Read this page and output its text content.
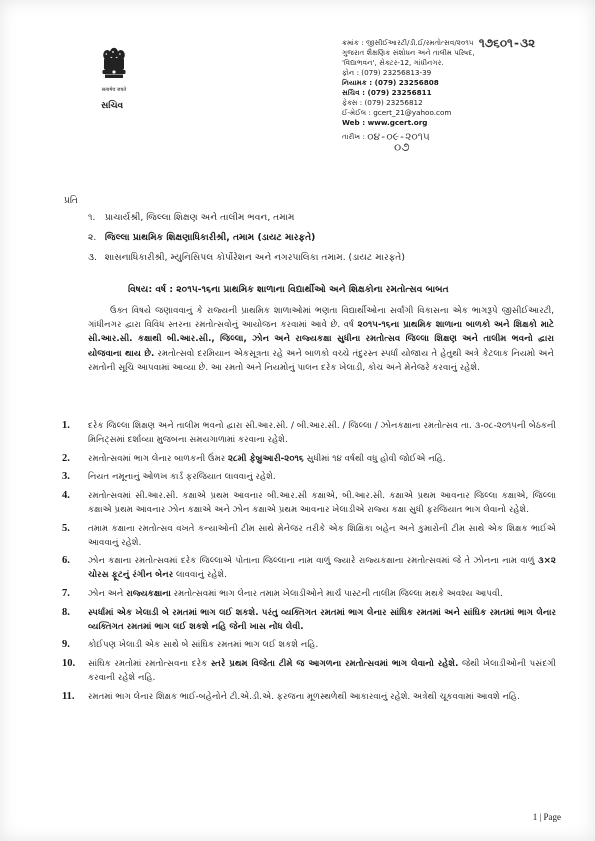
सत्यमेव जयते
સચિવ
ક્રમાંક : જીસીઈઆરટી/ડી.ઈ/રમતોત્સવ/૨૦૧૫ ૧૭૬૦૧-૩૨
ગુજરાત શૈક્ષણિક સંશોધન અને તાલીમ પરિષદ,
'વિદ્યાભવન', સેક્ટર-12, ગાંધીનગર.
ફોન : (079) 23256813-39
નિયામક : (079) 23256808
સચિવ : (079) 23256811
ફેક્સ : (079) 23256812
ઈ-મેઈલ : gcert_21@yahoo.com
Web : www.gcert.org
તારીખ : ૦૪-૦૯-૨૦૧૫
૦૭
પ્રતિ
૧. પ્રાચાર્યશ્રી, જિલ્લા શિક્ષણ અને તાલીમ ભવન, તમામ
૨. જિલ્લા પ્રાથમિક શિક્ષણાધિકારીશ્રી, તમામ (ડાયટ મારફતે)
૩. શાસનાધિકારીશ્રી, મ્યુનિસિપલ કોર્પોરેશન અને નગરપાલિકા તમામ. (ડાયટ મારફતે)
વિષય: વર્ષ : ૨૦૧૫-૧૬ના પ્રાથમિક શાળાના વિદ્યાર્થીઓ અને શિક્ષકોના રમતોત્સવ બાબત
ઉક્ત વિષયે જણાવવાનું કે રાજ્યની પ્રાથમિક શાળાઓમાં ભણતા વિદ્યાર્થીઓના સર્વાંગી વિકાસના એક ભાગરૂપે જીસીઈઆરટી, ગાંધીનગર દ્વારા વિવિધ સ્તરના રમતોત્સવોનું આયોજન કરવામાં આવે છે. વર્ષ ૨૦૧૫-૧૬ના પ્રાથમિક શાળાના બાળકો અને શિક્ષકો માટે સી.આર.સી. કક્ષાથી બી.આર.સી., જિલ્લા, ઝોન અને રાજ્યકક્ષા સુધીના રમતોત્સવ જિલ્લા શિક્ષણ અને તાલીમ ભવનો દ્વારા યોજવાના થાય છે. રમતોત્સવો દરમિયાન એકસૂત્રતા રહે અને બાળકો વચ્ચે તંદુરસ્ત સ્પર્ધા યોજાય તે હેતુથી અત્રે કેટલાક નિયમો અને રમતોની સૂચિ આપવામાં આવ્યા છે. આ રમતો અને નિયમોનું પાલન દરેક ખેલાડી, કોચ અને મેનેજરે કરવાનું રહેશે.
1. દરેક જિલ્લા શિક્ષણ અને તાલીમ ભવનો દ્વારા સી.આર.સી. / બી.આર.સી. / જિલ્લા / ઝોનકક્ષાના રમતોત્સવ તા. ૩-૦૮-૨૦૧૫ની બેઠકની મિનિટ્સમાં દર્શાવ્યા મુજબના સમયગાળામાં કરવાના રહેશે.
2. રમતોત્સવમાં ભાગ લેનાર બાળકની ઉંમર ૨૮મી ફેબ્રુઆરી-૨૦૧૬ સુધીમાં ૧૪ વર્ષથી વધુ હોવી જોઈએ નહિ.
3. નિયત નમૂનાનું ઓળખ કાર્ડ ફરજિયાત લાવવાનું રહેશે.
4. રમતોત્સવમાં સી.આર.સી. કક્ષાએ પ્રથમ આવનાર બી.આર.સી કક્ષાએ, બી.આર.સી. કક્ષાએ પ્રથમ આવનાર જિલ્લા કક્ષાએ, જિલ્લા કક્ષાએ પ્રથમ આવનાર ઝોન કક્ષાએ અને ઝોન કક્ષાએ પ્રથમ આવનાર ખેલાડીએ રાજ્ય કક્ષા સુધી ફરજિયાત ભાગ લેવાનો રહેશે.
5. તમામ કક્ષાના રમતોત્સવ વખતે કન્યાઓની ટીમ સાથે મેનેજર તરીકે એક શિક્ષિકા બહેન અને કુમારોની ટીમ સાથે એક શિક્ષક ભાઈએ આવવાનું રહેશે.
6. ઝોન કક્ષાના રમતોત્સવમાં દરેક જિલ્લાએ પોતાના જિલ્લાના નામ વાળું જ્યારે રાજ્યકક્ષાના રમતોત્સવમાં જે તે ઝોનના નામ વાળું ૩×૨ ચોરસ ફૂટનું રંગીન બેનર લાવવાનું રહેશે.
7. ઝોન અને રાજ્યકક્ષાના રમતોત્સવમાં ભાગ લેનાર તમામ ખેલાડીઓને માર્ચ પાસ્ટની તાલીમ જિલ્લા મથકે અવશ્ય આપવી.
8. સ્પર્ધામાં એક ખેલાડી બે રમતમાં ભાગ લઈ શકશે. પરંતુ વ્યક્તિગત રમતમાં ભાગ લેનાર સાંઘિક રમતમાં અને સાંઘિક રમતમાં ભાગ લેનાર વ્યક્તિગત રમતમાં ભાગ લઈ શકશે નહિ જેની ખાસ નોંધ લેવી.
9. કોઈપણ ખેલાડી એક સાથે બે સાંઘિક રમતમાં ભાગ લઈ શકશે નહિ.
10. સાંઘિક રમતોમાં રમતોત્સવના દરેક સ્તરે પ્રથમ વિજેતા ટીમે જ આગળના રમતોત્સવમાં ભાગ લેવાનો રહેશે. જેથી ખેલાડીઓની પસંદગી કરવાની રહેશે નહિ.
11. રમતમાં ભાગ લેનાર શિક્ષક ભાઈ-બહેનોને ટી.એ.ડી.એ. ફરજના મૂળસ્થળેથી આકારવાનું રહેશે. અત્રેથી ચૂકવવામાં આવશે નહિ.
1 | Page
